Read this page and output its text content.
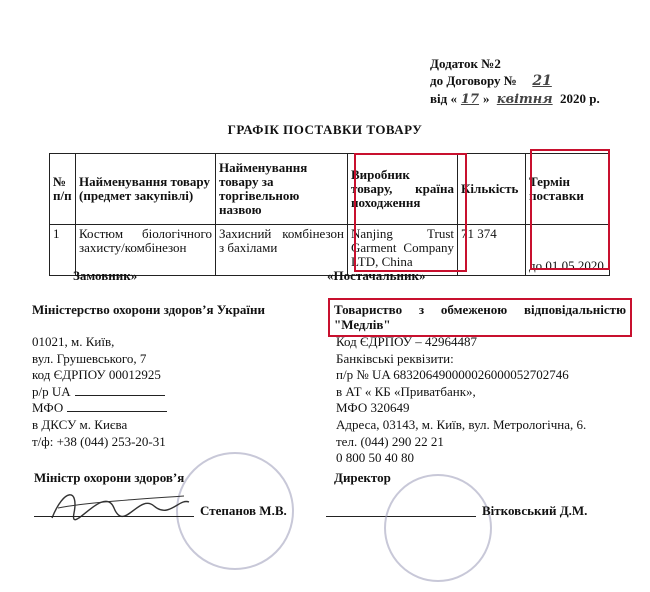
Додаток №2
до Договору № 21
від « 17 » квітня 2020 р.
ГРАФІК ПОСТАВКИ ТОВАРУ
№ п/п	Найменування товару (предмет закупівлі)	Найменування товару за торгівельною назвою	Виробник товару, країна походження	Кількість	Термін поставки
1	Костюм біологічного захисту/комбінезон	Захисний комбінезон з бахілами	Nanjing Trust Garment Company LTD, China	71 374	до 01.05.2020
Замовник»	«Постачальник»
Міністерство охорони здоров’я України
01021, м. Київ,
вул. Грушевського, 7
код ЄДРПОУ 00012925
р/р UA
МФО
в ДКСУ м. Києва
т/ф: +38 (044) 253-20-31
Товариство з обмеженою відповідальністю "Медлів"
Код ЄДРПОУ – 42964487
Банківські реквізити:
п/р № UA 683206490000026000052702746
в АТ « КБ «Приватбанк»,
МФО 320649
Адреса, 03143, м. Київ, вул. Метрологічна, 6.
тел. (044) 290 22 21
0 800 50 40 80
Міністр охорони здоров’я
Степанов М.В.
Директор
Вітковський Д.М.
